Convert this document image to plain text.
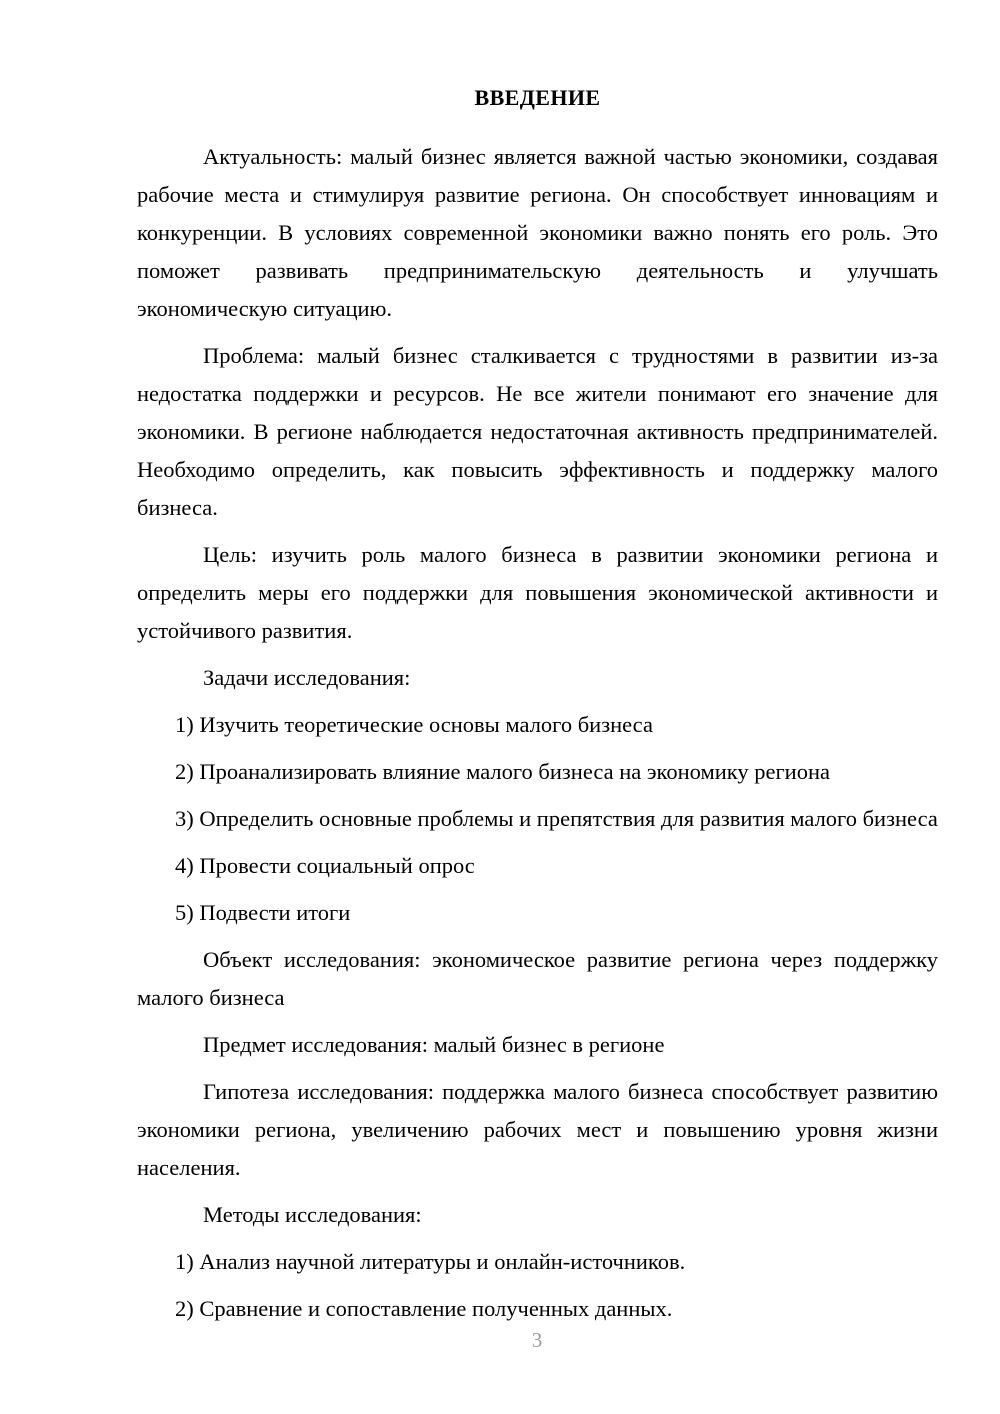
ВВЕДЕНИЕ

Актуальность: малый бизнес является важной частью экономики, создавая рабочие места и стимулируя развитие региона. Он способствует инновациям и конкуренции. В условиях современной экономики важно понять его роль. Это поможет развивать предпринимательскую деятельность и улучшать экономическую ситуацию.

Проблема: малый бизнес сталкивается с трудностями в развитии из-за недостатка поддержки и ресурсов. Не все жители понимают его значение для экономики. В регионе наблюдается недостаточная активность предпринимателей. Необходимо определить, как повысить эффективность и поддержку малого бизнеса.

Цель: изучить роль малого бизнеса в развитии экономики региона и определить меры его поддержки для повышения экономической активности и устойчивого развития.

Задачи исследования:

1) Изучить теоретические основы малого бизнеса

2) Проанализировать влияние малого бизнеса на экономику региона

3) Определить основные проблемы и препятствия для развития малого бизнеса

4) Провести социальный опрос

5) Подвести итоги

Объект исследования: экономическое развитие региона через поддержку малого бизнеса

Предмет исследования: малый бизнес в регионе

Гипотеза исследования: поддержка малого бизнеса способствует развитию экономики региона, увеличению рабочих мест и повышению уровня жизни населения.

Методы исследования:

1) Анализ научной литературы и онлайн-источников.

2) Сравнение и сопоставление полученных данных.

3
